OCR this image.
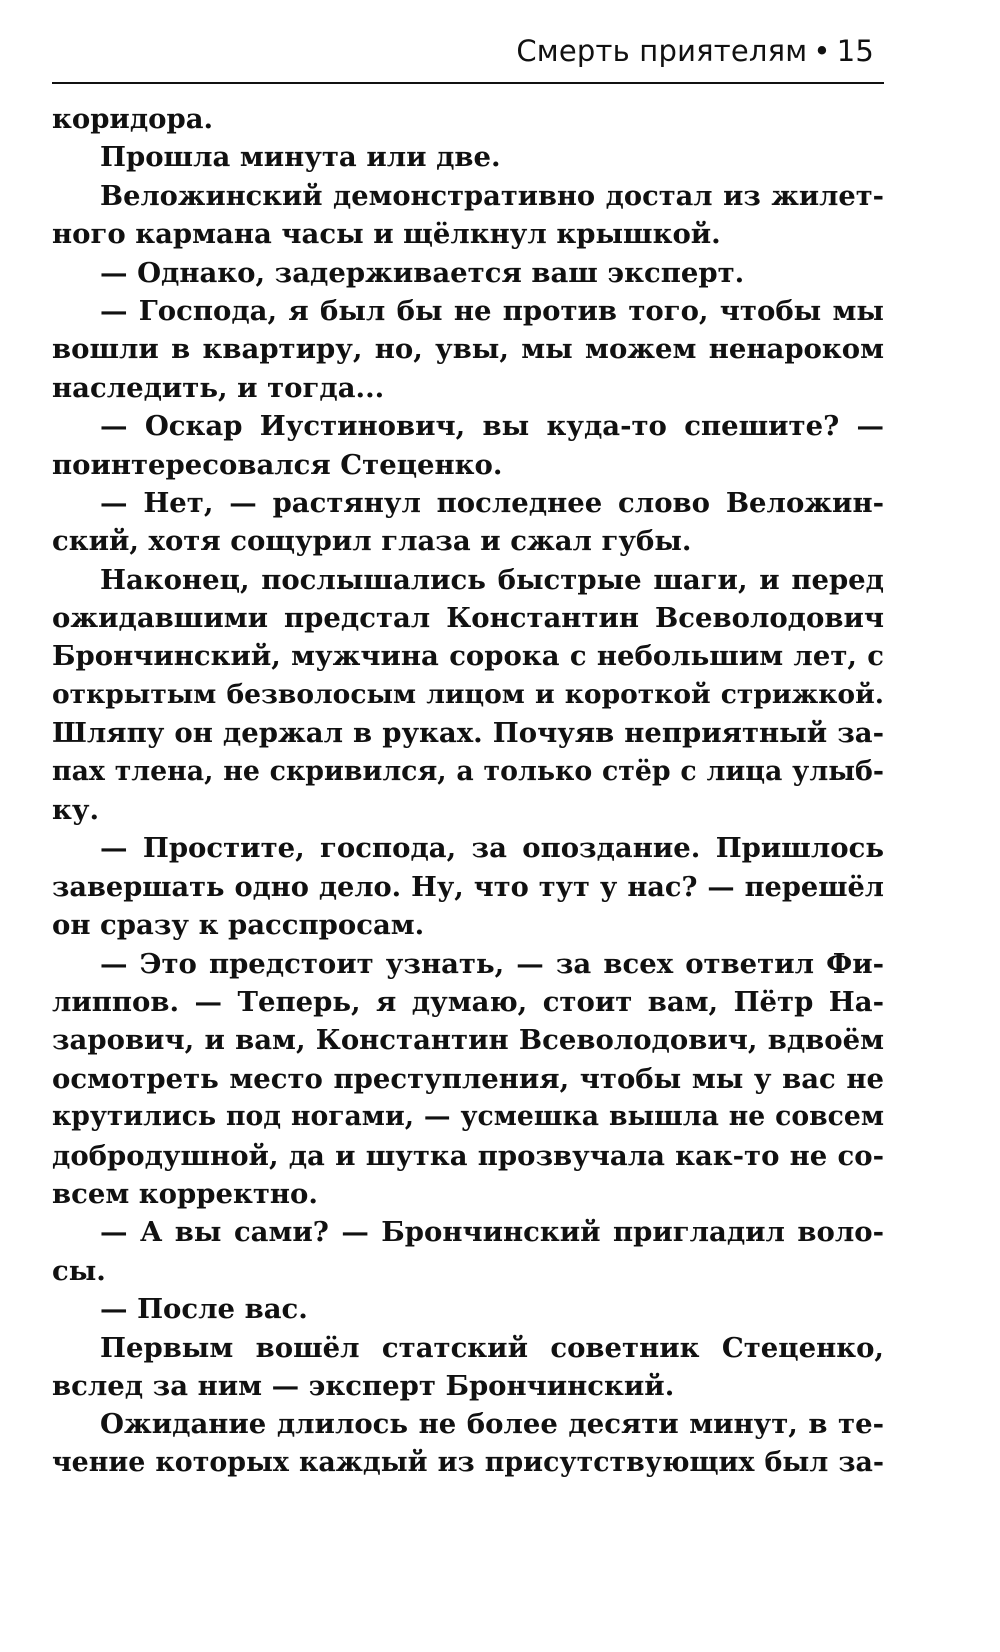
Смерть приятелям • 15
коридора.
Прошла минута или две.
Веложинский демонстративно достал из жилет-
ного кармана часы и щёлкнул крышкой.
— Однако, задерживается ваш эксперт.
— Господа, я был бы не против того, чтобы мы
вошли в квартиру, но, увы, мы можем ненароком
наследить, и тогда...
— Оскар Иустинович, вы куда-то спешите? —
поинтересовался Стеценко.
— Нет, — растянул последнее слово Веложин-
ский, хотя сощурил глаза и сжал губы.
Наконец, послышались быстрые шаги, и перед
ожидавшими предстал Константин Всеволодович
Брончинский, мужчина сорока с небольшим лет, с
открытым безволосым лицом и короткой стрижкой.
Шляпу он держал в руках. Почуяв неприятный за-
пах тлена, не скривился, а только стёр с лица улыб-
ку.
— Простите, господа, за опоздание. Пришлось
завершать одно дело. Ну, что тут у нас? — перешёл
он сразу к расспросам.
— Это предстоит узнать, — за всех ответил Фи-
липпов. — Теперь, я думаю, стоит вам, Пётр На-
зарович, и вам, Константин Всеволодович, вдвоём
осмотреть место преступления, чтобы мы у вас не
крутились под ногами, — усмешка вышла не совсем
добродушной, да и шутка прозвучала как-то не со-
всем корректно.
— А вы сами? — Брончинский пригладил воло-
сы.
— После вас.
Первым вошёл статский советник Стеценко,
вслед за ним — эксперт Брончинский.
Ожидание длилось не более десяти минут, в те-
чение которых каждый из присутствующих был за-
